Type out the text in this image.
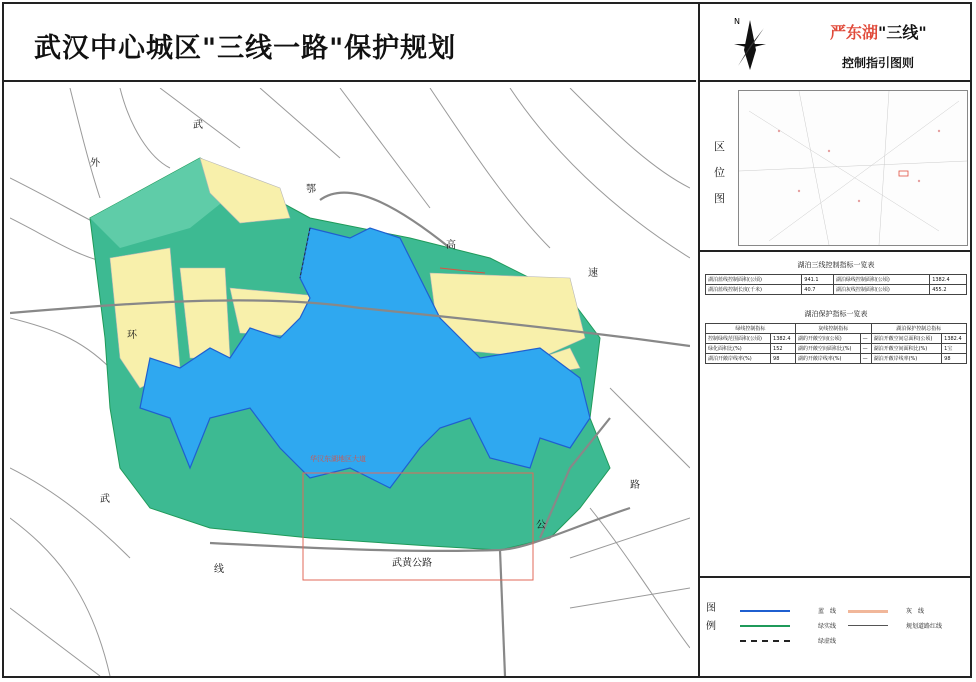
武汉中心城区"三线一路"保护规划
武
外
鄂
高
速
环
武
线
路
公
武黄公路
华汉东湖地区大道
N
严东湖"三线"
控制指引图则
区
位
图
湖泊三线控制指标一览表
湖泊蓝线控制面积(公顷)	941.1	湖泊绿线控制面积(公顷)	1382.4
湖泊蓝线控制长度(千米)	40.7	湖泊灰线控制面积(公顷)	455.2
湖泊保护指标一览表
绿线控制指标		灰线控制指标		湖泊保护控制总指标	
控制绿线范围面积(公顷)	1382.4	湖的开敞空间(公顷)	—	湖泊开敞空间总面积(公顷)	1382.4
绿化面积比(%)	152	湖的开敞空间面积比(%)	—	湖泊开敞空间面积比(%)	1宝
湖泊开敞岸线率(%)	98	湖的开敞岸线率(%)	—	湖泊开敞岸线率(%)	98
图
例
蓝　线	灰　线
绿实线	规划道路红线
绿虚线
